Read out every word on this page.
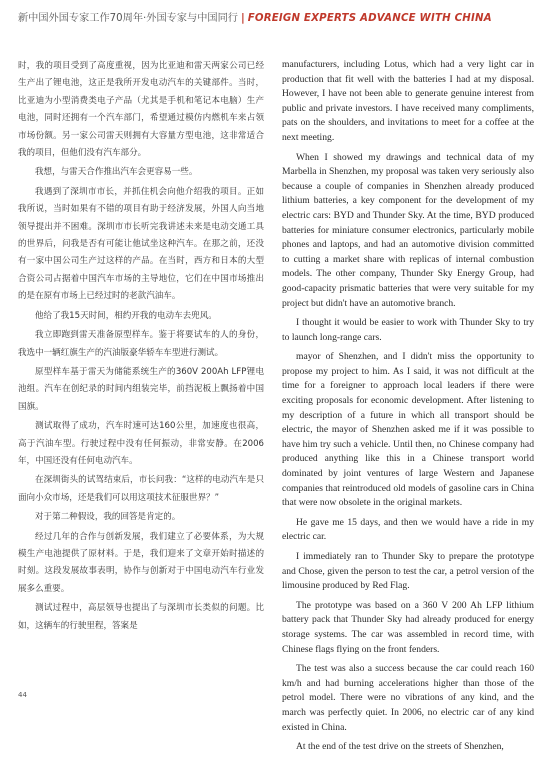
新中国外国专家工作70周年·外国专家与中国同行 | FOREIGN EXPERTS ADVANCE WITH CHINA

时，我的项目受到了高度重视，因为比亚迪和雷天两家公司已经生产出了锂电池，这正是我所开发电动汽车的关键部件。当时，比亚迪为小型消费类电子产品（尤其是手机和笔记本电脑）生产电池，同时还拥有一个汽车部门，希望通过模仿内燃机车来占领市场份额。另一家公司雷天则拥有大容量方型电池，这非常适合我的项目，但他们没有汽车部分。

我想，与雷天合作推出汽车会更容易一些。

我遇到了深圳市市长，并抓住机会向他介绍我的项目。正如我所说，当时如果有不错的项目有助于经济发展，外国人向当地领导提出并不困难。深圳市市长听完我讲述未来是电动交通工具的世界后，问我是否有可能让他试坐这种汽车。在那之前，还没有一家中国公司生产过这样的产品。在当时，西方和日本的大型合资公司占据着中国汽车市场的主导地位，它们在中国市场推出的是在原有市场上已经过时的老款汽油车。

他给了我15天时间，相约开我的电动车去兜风。

我立即跑到雷天准备原型样车。鉴于将要试车的人的身份，我选中一辆红旗生产的汽油版豪华轿车车型进行测试。

原型样车基于雷天为储能系统生产的360V 200Ah LFP锂电池组。汽车在创纪录的时间内组装完毕，前挡泥板上飘扬着中国国旗。

测试取得了成功，汽车时速可达160公里，加速度也很高，高于汽油车型。行驶过程中没有任何振动，非常安静。在2006年，中国还没有任何电动汽车。

在深圳街头的试驾结束后，市长问我：“这样的电动汽车是只面向小众市场，还是我们可以用这项技术征服世界？”

对于第二种假设，我的回答是肯定的。

经过几年的合作与创新发展，我们建立了必要体系，为大规模生产电池提供了原材料。于是，我们迎来了文章开始时描述的时刻。这段发展故事表明，协作与创新对于中国电动汽车行业发展多么重要。

测试过程中，高层领导也提出了与深圳市长类似的问题。比如，这辆车的行驶里程，答案是

manufacturers, including Lotus, which had a very light car in production that fit well with the batteries I had at my disposal. However, I have not been able to generate genuine interest from public and private investors. I have received many compliments, pats on the shoulders, and invitations to meet for a coffee at the next meeting.

When I showed my drawings and technical data of my Marbella in Shenzhen, my proposal was taken very seriously also because a couple of companies in Shenzhen already produced lithium batteries, a key component for the development of my electric cars: BYD and Thunder Sky. At the time, BYD produced batteries for miniature consumer electronics, particularly mobile phones and laptops, and had an automotive division committed to cutting a market share with replicas of internal combustion models. The other company, Thunder Sky Energy Group, had good-capacity prismatic batteries that were very suitable for my project but didn't have an automotive branch.

I thought it would be easier to work with Thunder Sky to try to launch long-range cars.

mayor of Shenzhen, and I didn't miss the opportunity to propose my project to him. As I said, it was not difficult at the time for a foreigner to approach local leaders if there were exciting proposals for economic development. After listening to my description of a future in which all transport should be electric, the mayor of Shenzhen asked me if it was possible to have him try such a vehicle. Until then, no Chinese company had produced anything like this in a Chinese transport world dominated by joint ventures of large Western and Japanese companies that reintroduced old models of gasoline cars in China that were now obsolete in the original markets.

He gave me 15 days, and then we would have a ride in my electric car.

I immediately ran to Thunder Sky to prepare the prototype and Chose, given the person to test the car, a petrol version of the limousine produced by Red Flag.

The prototype was based on a 360 V 200 Ah LFP lithium battery pack that Thunder Sky had already produced for energy storage systems. The car was assembled in record time, with Chinese flags flying on the front fenders.

The test was also a success because the car could reach 160 km/h and had burning accelerations higher than those of the petrol model. There were no vibrations of any kind, and the march was perfectly quiet. In 2006, no electric car of any kind existed in China.

At the end of the test drive on the streets of Shenzhen,

44
